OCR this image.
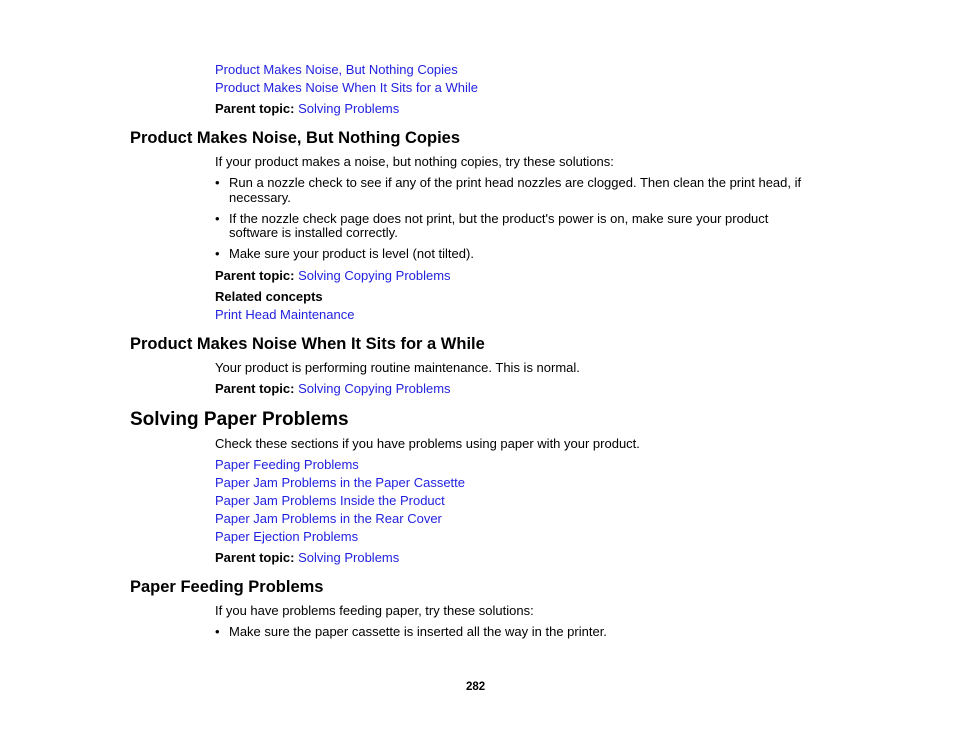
Product Makes Noise, But Nothing Copies
Product Makes Noise When It Sits for a While
Parent topic: Solving Problems
Product Makes Noise, But Nothing Copies
If your product makes a noise, but nothing copies, try these solutions:
• Run a nozzle check to see if any of the print head nozzles are clogged. Then clean the print head, if
necessary.
• If the nozzle check page does not print, but the product's power is on, make sure your product
software is installed correctly.
• Make sure your product is level (not tilted).
Parent topic: Solving Copying Problems
Related concepts
Print Head Maintenance
Product Makes Noise When It Sits for a While
Your product is performing routine maintenance. This is normal.
Parent topic: Solving Copying Problems
Solving Paper Problems
Check these sections if you have problems using paper with your product.
Paper Feeding Problems
Paper Jam Problems in the Paper Cassette
Paper Jam Problems Inside the Product
Paper Jam Problems in the Rear Cover
Paper Ejection Problems
Parent topic: Solving Problems
Paper Feeding Problems
If you have problems feeding paper, try these solutions:
• Make sure the paper cassette is inserted all the way in the printer.
282
